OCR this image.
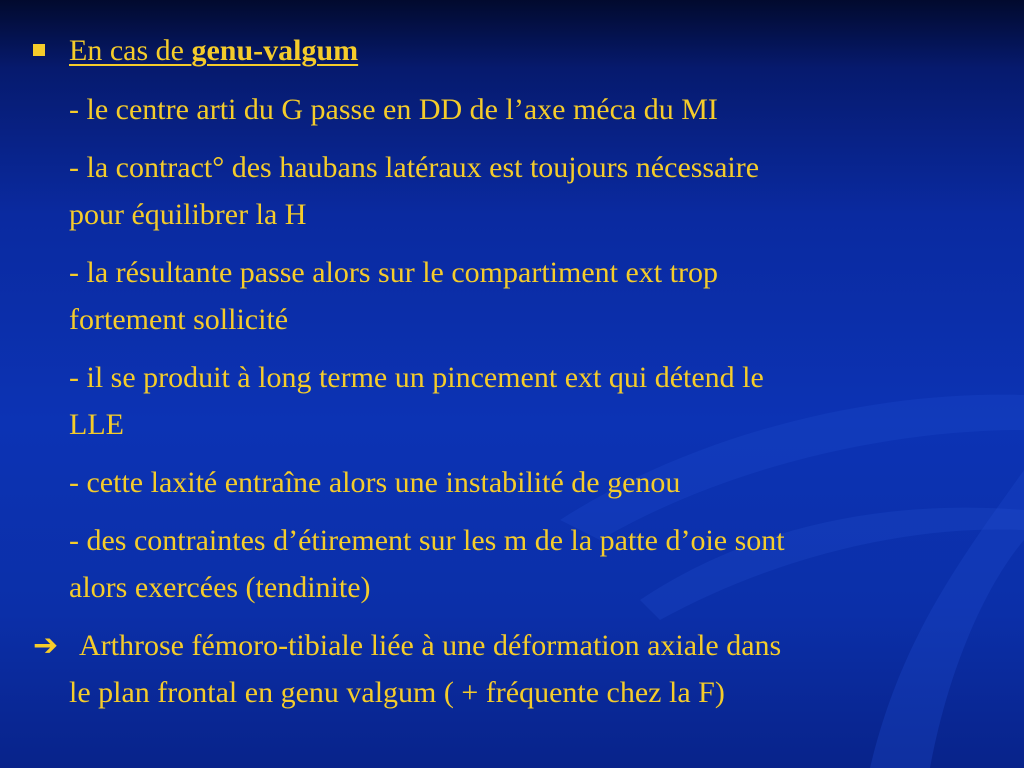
En cas de genu-valgum
- le centre arti du G passe en DD de l’axe méca du MI
- la contract° des haubans latéraux est toujours nécessaire
pour équilibrer la H
- la résultante passe alors sur le compartiment ext trop
fortement sollicité
- il se produit à long terme un pincement ext qui détend le
LLE
- cette laxité entraîne alors une instabilité de genou
- des contraintes d’étirement sur les m de la patte d’oie sont
alors exercées (tendinite)
➔ Arthrose fémoro-tibiale liée à une déformation axiale dans
le plan frontal en genu valgum ( + fréquente chez la F)
